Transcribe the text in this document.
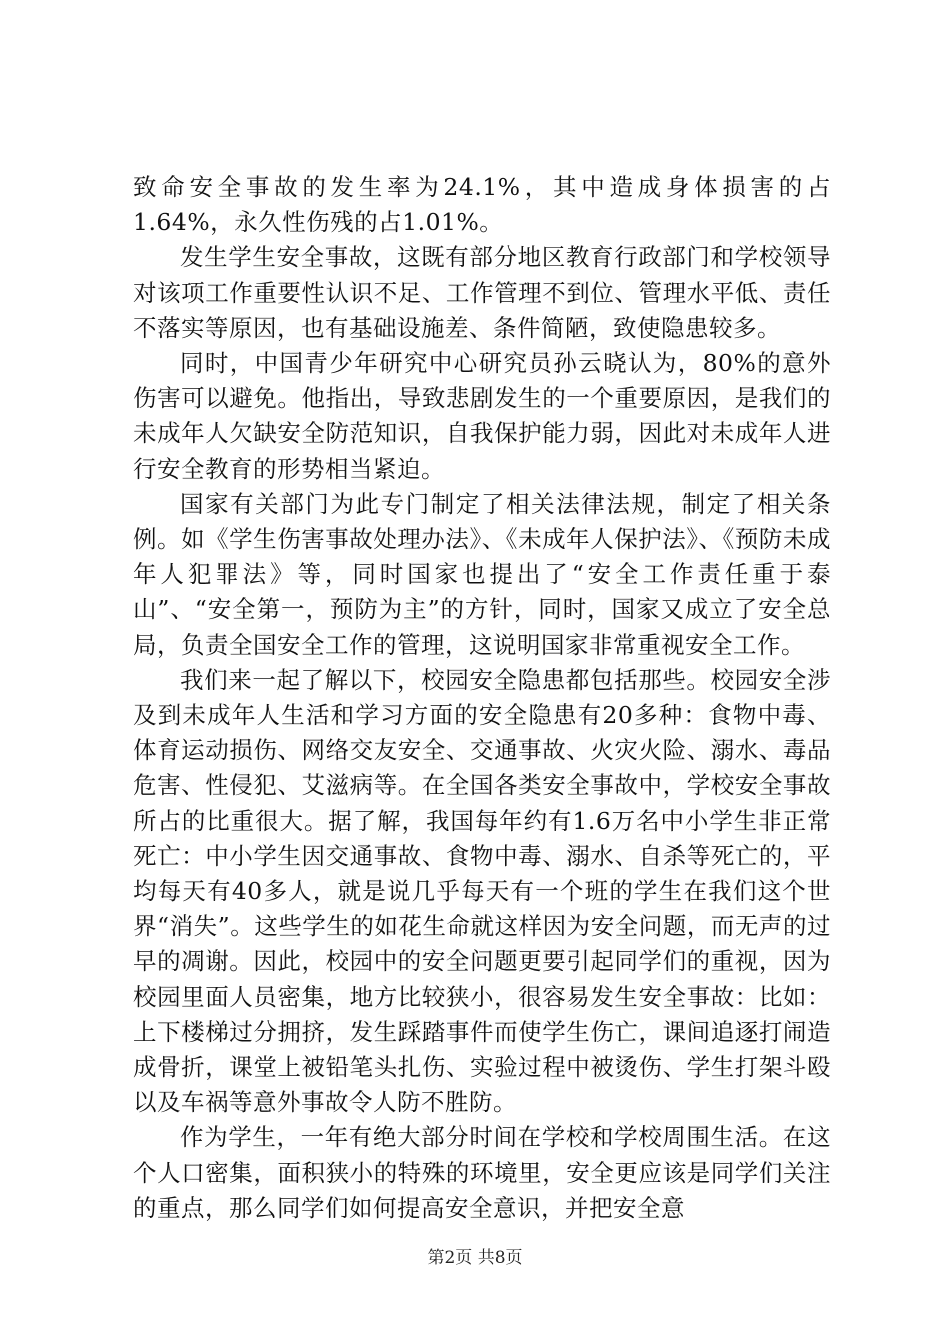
致命安全事故的发生率为24.1%，其中造成身体损害的占1.64%，永久性伤残的占1.01%。

发生学生安全事故，这既有部分地区教育行政部门和学校领导对该项工作重要性认识不足、工作管理不到位、管理水平低、责任不落实等原因，也有基础设施差、条件简陋，致使隐患较多。

同时，中国青少年研究中心研究员孙云晓认为，80%的意外伤害可以避免。他指出，导致悲剧发生的一个重要原因，是我们的未成年人欠缺安全防范知识，自我保护能力弱，因此对未成年人进行安全教育的形势相当紧迫。

国家有关部门为此专门制定了相关法律法规，制定了相关条例。如《学生伤害事故处理办法》、《未成年人保护法》、《预防未成年人犯罪法》等，同时国家也提出了“安全工作责任重于泰山”、“安全第一，预防为主”的方针，同时，国家又成立了安全总局，负责全国安全工作的管理，这说明国家非常重视安全工作。

我们来一起了解以下，校园安全隐患都包括那些。校园安全涉及到未成年人生活和学习方面的安全隐患有20多种：食物中毒、体育运动损伤、网络交友安全、交通事故、火灾火险、溺水、毒品危害、性侵犯、艾滋病等。在全国各类安全事故中，学校安全事故所占的比重很大。据了解，我国每年约有1.6万名中小学生非正常死亡：中小学生因交通事故、食物中毒、溺水、自杀等死亡的，平均每天有40多人，就是说几乎每天有一个班的学生在我们这个世界“消失”。这些学生的如花生命就这样因为安全问题，而无声的过早的凋谢。因此，校园中的安全问题更要引起同学们的重视，因为校园里面人员密集，地方比较狭小，很容易发生安全事故：比如：上下楼梯过分拥挤，发生踩踏事件而使学生伤亡，课间追逐打闹造成骨折，课堂上被铅笔头扎伤、实验过程中被烫伤、学生打架斗殴以及车祸等意外事故令人防不胜防。

作为学生，一年有绝大部分时间在学校和学校周围生活。在这个人口密集，面积狭小的特殊的环境里，安全更应该是同学们关注的重点，那么同学们如何提高安全意识，并把安全意

第2页 共8页
